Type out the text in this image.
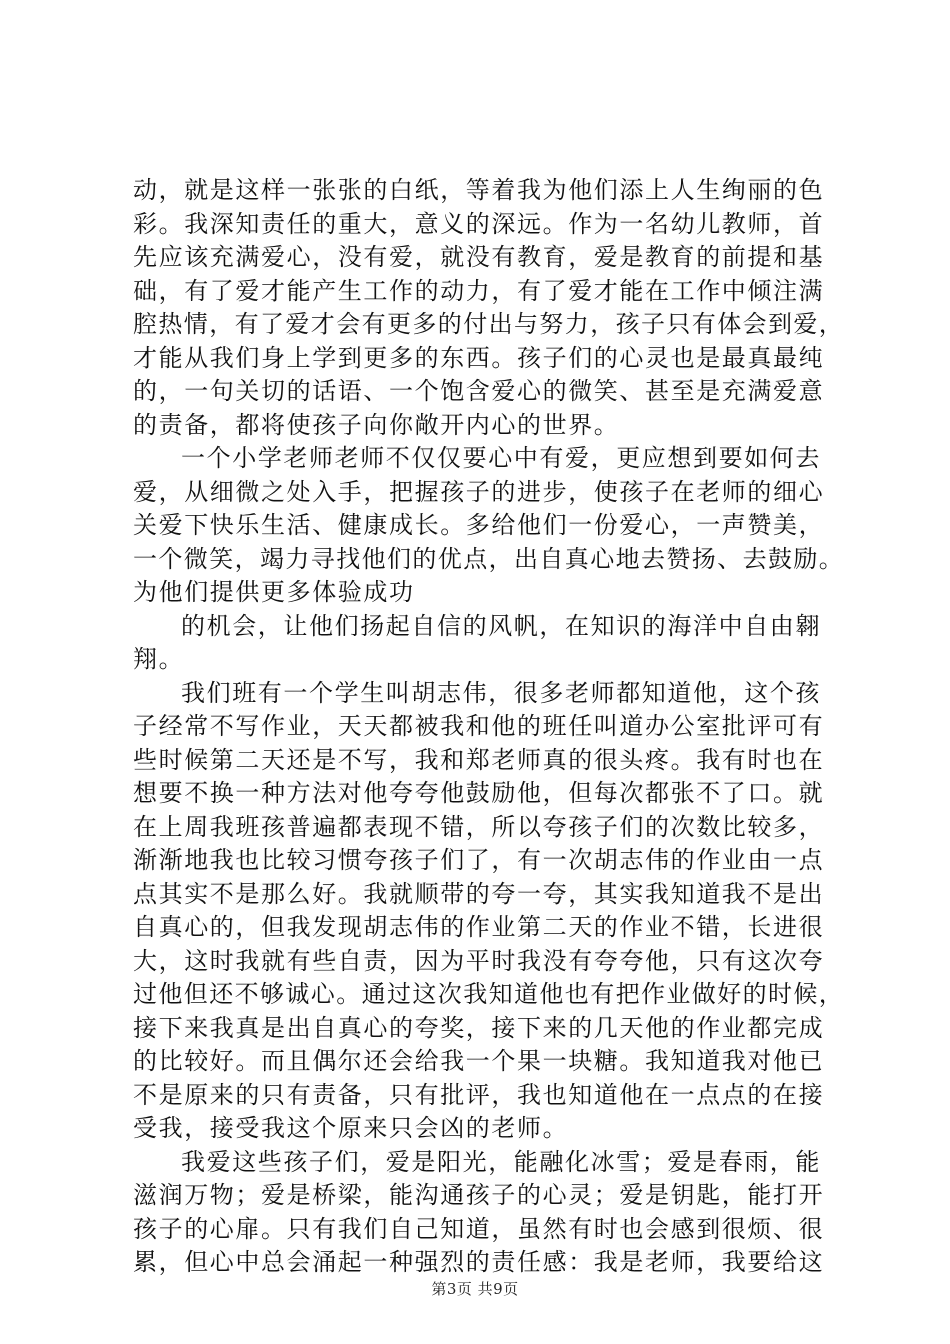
动，就是这样一张张的白纸，等着我为他们添上人生绚丽的色
彩。我深知责任的重大，意义的深远。作为一名幼儿教师，首
先应该充满爱心，没有爱，就没有教育，爱是教育的前提和基
础，有了爱才能产生工作的动力，有了爱才能在工作中倾注满
腔热情，有了爱才会有更多的付出与努力，孩子只有体会到爱，
才能从我们身上学到更多的东西。孩子们的心灵也是最真最纯
的，一句关切的话语、一个饱含爱心的微笑、甚至是充满爱意
的责备，都将使孩子向你敞开内心的世界。
一个小学老师老师不仅仅要心中有爱，更应想到要如何去
爱，从细微之处入手，把握孩子的进步，使孩子在老师的细心
关爱下快乐生活、健康成长。多给他们一份爱心，一声赞美，
一个微笑，竭力寻找他们的优点，出自真心地去赞扬、去鼓励。
为他们提供更多体验成功
的机会，让他们扬起自信的风帆，在知识的海洋中自由翱
翔。
我们班有一个学生叫胡志伟，很多老师都知道他，这个孩
子经常不写作业，天天都被我和他的班任叫道办公室批评可有
些时候第二天还是不写，我和郑老师真的很头疼。我有时也在
想要不换一种方法对他夸夸他鼓励他，但每次都张不了口。就
在上周我班孩普遍都表现不错，所以夸孩子们的次数比较多，
渐渐地我也比较习惯夸孩子们了，有一次胡志伟的作业由一点
点其实不是那么好。我就顺带的夸一夸，其实我知道我不是出
自真心的，但我发现胡志伟的作业第二天的作业不错，长进很
大，这时我就有些自责，因为平时我没有夸夸他，只有这次夸
过他但还不够诚心。通过这次我知道他也有把作业做好的时候，
接下来我真是出自真心的夸奖，接下来的几天他的作业都完成
的比较好。而且偶尔还会给我一个果一块糖。我知道我对他已
不是原来的只有责备，只有批评，我也知道他在一点点的在接
受我，接受我这个原来只会凶的老师。
我爱这些孩子们，爱是阳光，能融化冰雪；爱是春雨，能
滋润万物；爱是桥梁，能沟通孩子的心灵；爱是钥匙，能打开
孩子的心扉。只有我们自己知道，虽然有时也会感到很烦、很
累，但心中总会涌起一种强烈的责任感：我是老师，我要给这
第3页 共9页
